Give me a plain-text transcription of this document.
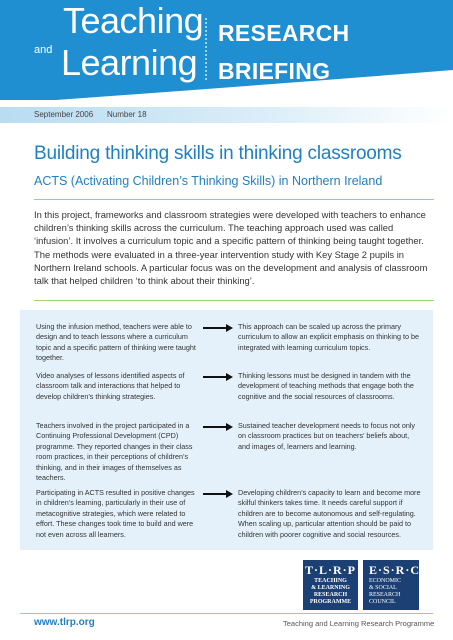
Teaching
and Learning
RESEARCH
BRIEFING
September 2006 Number 18
Building thinking skills in thinking classrooms
ACTS (Activating Children’s Thinking Skills) in Northern Ireland

In this project, frameworks and classroom strategies were developed with teachers to enhance children’s thinking skills across the curriculum. The teaching approach used was called ‘infusion’. It involves a curriculum topic and a specific pattern of thinking being taught together. The methods were evaluated in a three-year intervention study with Key Stage 2 pupils in Northern Ireland schools. A particular focus was on the development and analysis of classroom talk that helped children ‘to think about their thinking’.

Using the infusion method, teachers were able to design and to teach lessons where a curriculum topic and a specific pattern of thinking were taught together.

This approach can be scaled up across the primary curriculum to allow an explicit emphasis on thinking to be integrated with learning curriculum topics.

Video analyses of lessons identified aspects of classroom talk and interactions that helped to develop children’s thinking strategies.

Thinking lessons must be designed in tandem with the development of teaching methods that engage both the cognitive and the social resources of classrooms.

Teachers involved in the project participated in a Continuing Professional Development (CPD) programme. They reported changes in their class room practices, in their perceptions of children’s thinking, and in their images of themselves as teachers.

Sustained teacher development needs to focus not only on classroom practices but on teachers’ beliefs about, and images of, learners and learning.

Participating in ACTS resulted in positive changes in children’s learning, particularly in their use of metacognitive strategies, which were related to effort. These changes took time to build and were not even across all learners.

Developing children’s capacity to learn and become more skilful thinkers takes time. It needs careful support if children are to become autonomous and self-regulating. When scaling up, particular attention should be paid to children with poorer cognitive and social resources.

T·L·R·P
TEACHING
& LEARNING
RESEARCH
PROGRAMME
E·S·R·C
ECONOMIC
& SOCIAL
RESEARCH
COUNCIL
www.tlrp.org	Teaching and Learning Research Programme
